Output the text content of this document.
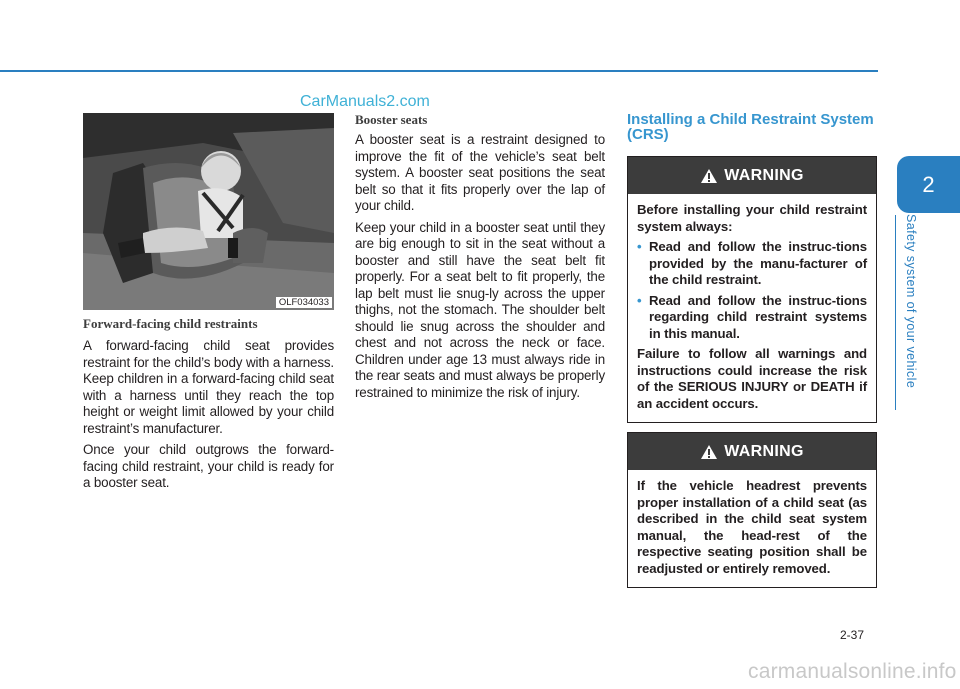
CarManuals2.com
OLF034033
Forward-facing child restraints

A forward-facing child seat provides restraint for the child’s body with a harness. Keep children in a forward-facing child seat with a harness until they reach the top height or weight limit allowed by your child restraint’s manufacturer.

Once your child outgrows the forward-facing child restraint, your child is ready for a booster seat.

Booster seats

A booster seat is a restraint designed to improve the fit of the vehicle’s seat belt system. A booster seat positions the seat belt so that it fits properly over the lap of your child.

Keep your child in a booster seat until they are big enough to sit in the seat without a booster and still have the seat belt fit properly. For a seat belt to fit properly, the lap belt must lie snug-ly across the upper thighs, not the stomach. The shoulder belt should lie snug across the shoulder and chest and not across the neck or face. Children under age 13 must always ride in the rear seats and must always be properly restrained to minimize the risk of injury.

Installing a Child Restraint System (CRS)
WARNING

Before installing your child restraint system always:

• Read and follow the instruc-tions provided by the manu-facturer of the child restraint.

• Read and follow the instruc-tions regarding child restraint systems in this manual.

Failure to follow all warnings and instructions could increase the risk of the SERIOUS INJURY or DEATH if an accident occurs.

WARNING

If the vehicle headrest prevents proper installation of a child seat (as described in the child seat system manual, the head-rest of the respective seating position shall be readjusted or entirely removed.

2
Safety system of your vehicle
2-37
carmanualsonline.info
